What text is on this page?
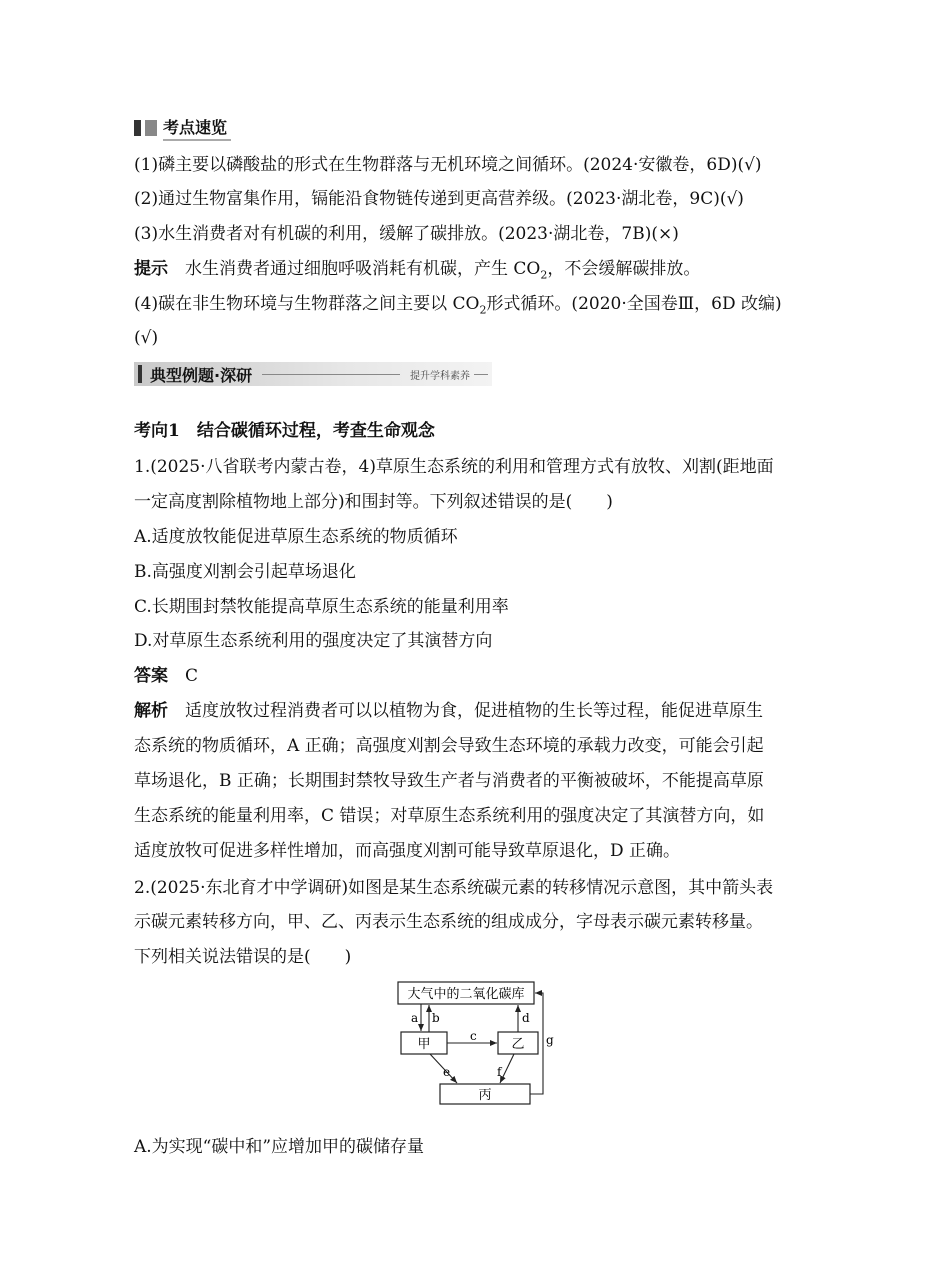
考点速览
(1)磷主要以磷酸盐的形式在生物群落与无机环境之间循环。(2024·安徽卷，6D)(√)
(2)通过生物富集作用，镉能沿食物链传递到更高营养级。(2023·湖北卷，9C)(√)
(3)水生消费者对有机碳的利用，缓解了碳排放。(2023·湖北卷，7B)(×)
提示　 水生消费者通过细胞呼吸消耗有机碳，产生 $CO_2$，不会缓解碳排放。
(4)碳在非生物环境与生物群落之间主要以 $CO_2$形式循环。(2020·全国卷Ⅲ，6D 改编)
(√)
典型例题·深研	提升学科素养
考向1　结合碳循环过程，考查生命观念
1.(2025·八省联考内蒙古卷，4)草原生态系统的利用和管理方式有放牧、刈割(距地面
一定高度割除植物地上部分)和围封等。下列叙述错误的是(　　)
A.适度放牧能促进草原生态系统的物质循环
B.高强度刈割会引起草场退化
C.长期围封禁牧能提高草原生态系统的能量利用率
D.对草原生态系统利用的强度决定了其演替方向
答案　 C
解析　 适度放牧过程消费者可以以植物为食，促进植物的生长等过程，能促进草原生
态系统的物质循环，A 正确；高强度刈割会导致生态环境的承载力改变，可能会引起
草场退化，B 正确；长期围封禁牧导致生产者与消费者的平衡被破坏，不能提高草原
生态系统的能量利用率，C 错误；对草原生态系统利用的强度决定了其演替方向，如
适度放牧可促进多样性增加，而高强度刈割可能导致草原退化，D 正确。
2.(2025·东北育才中学调研)如图是某生态系统碳元素的转移情况示意图，其中箭头表
示碳元素转移方向，甲、乙、丙表示生态系统的组成成分，字母表示碳元素转移量。
下列相关说法错误的是(　　)
大气中的二氧化碳库
甲	乙
丙
a b
c
d
e	f
g
A.为实现“碳中和”应增加甲的碳储存量
